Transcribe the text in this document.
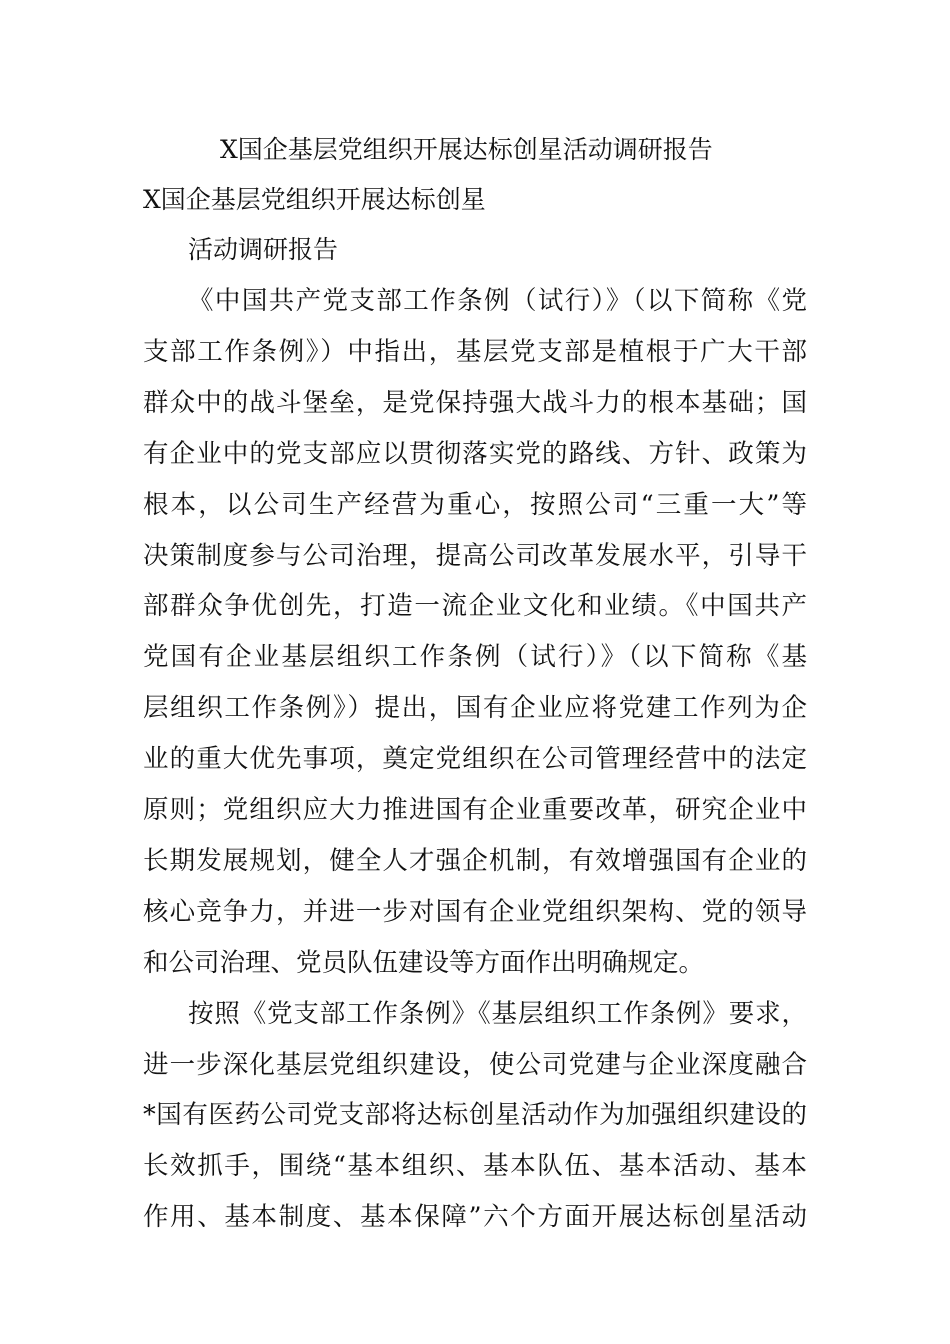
X国企基层党组织开展达标创星活动调研报告
X国企基层党组织开展达标创星
活动调研报告

《中国共产党支部工作条例（试行）》（以下简称《党

支部工作条例》）中指出，基层党支部是植根于广大干部

群众中的战斗堡垒，是党保持强大战斗力的根本基础；国

有企业中的党支部应以贯彻落实党的路线、方针、政策为

根本，以公司生产经营为重心，按照公司“三重一大”等

决策制度参与公司治理，提高公司改革发展水平，引导干

部群众争优创先，打造一流企业文化和业绩。《中国共产

党国有企业基层组织工作条例（试行）》（以下简称《基

层组织工作条例》）提出，国有企业应将党建工作列为企

业的重大优先事项，奠定党组织在公司管理经营中的法定

原则；党组织应大力推进国有企业重要改革，研究企业中

长期发展规划，健全人才强企机制，有效增强国有企业的

核心竞争力，并进一步对国有企业党组织架构、党的领导

和公司治理、党员队伍建设等方面作出明确规定。

按照《党支部工作条例》《基层组织工作条例》要求，

进一步深化基层党组织建设，使公司党建与企业深度融合

*国有医药公司党支部将达标创星活动作为加强组织建设的

长效抓手，围绕“基本组织、基本队伍、基本活动、基本

作用、基本制度、基本保障”六个方面开展达标创星活动
